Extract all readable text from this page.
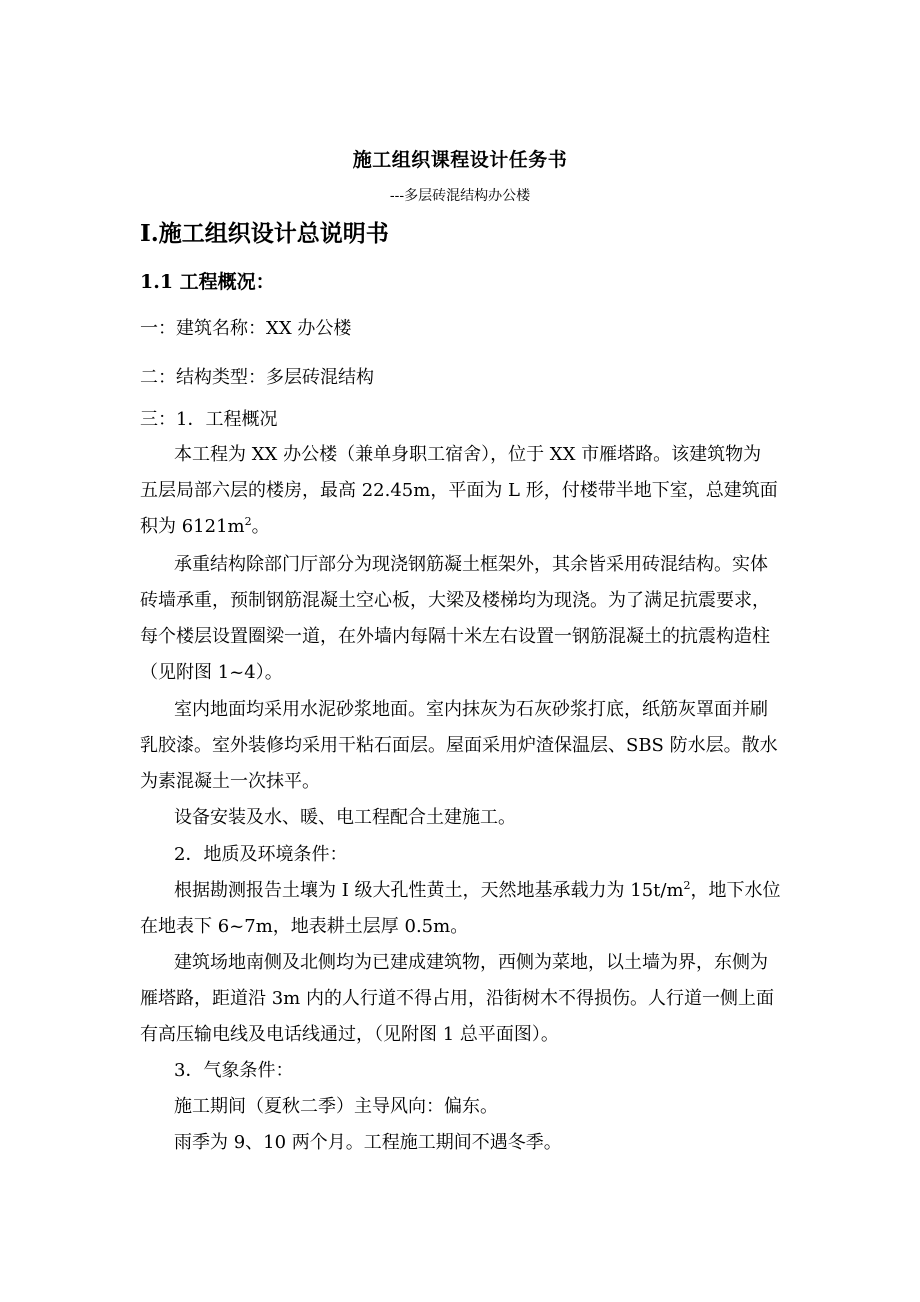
施工组织课程设计任务书
---多层砖混结构办公楼
Ⅰ.施工组织设计总说明书
1.1 工程概况：
一：建筑名称：XX 办公楼
二：结构类型：多层砖混结构
三：1．工程概况
本工程为 XX 办公楼（兼单身职工宿舍），位于 XX 市雁塔路。该建筑物为
五层局部六层的楼房，最高 22.45m，平面为 L 形，付楼带半地下室，总建筑面
积为 $6121m^2$。
承重结构除部门厅部分为现浇钢筋凝土框架外，其余皆采用砖混结构。实体
砖墙承重，预制钢筋混凝土空心板，大梁及楼梯均为现浇。为了满足抗震要求，
每个楼层设置圈梁一道，在外墙内每隔十米左右设置一钢筋混凝土的抗震构造柱
（见附图 1~4）。
室内地面均采用水泥砂浆地面。室内抹灰为石灰砂浆打底，纸筋灰罩面并刷
乳胶漆。室外装修均采用干粘石面层。屋面采用炉渣保温层、SBS 防水层。散水
为素混凝土一次抹平。
设备安装及水、暖、电工程配合土建施工。
2．地质及环境条件：
根据勘测报告土壤为 I 级大孔性黄土，天然地基承载力为 $15t/m^2$，地下水位
在地表下 6~7m，地表耕土层厚 0.5m。
建筑场地南侧及北侧均为已建成建筑物，西侧为菜地，以土墙为界，东侧为
雁塔路，距道沿 3m 内的人行道不得占用，沿街树木不得损伤。人行道一侧上面
有高压输电线及电话线通过，（见附图 1 总平面图）。
3．气象条件：
施工期间（夏秋二季）主导风向：偏东。
雨季为 9、10 两个月。工程施工期间不遇冬季。
